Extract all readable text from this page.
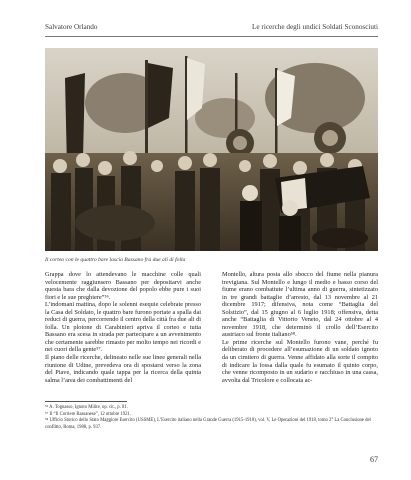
Salvatore Orlando	Le ricerche degli undici Soldati Sconosciuti
Il corteo con le quattro bare lascia Bassano fra due ali di folla

Grappa dove lo attendevano le macchine colle quali velocemente raggiunsero Bassano per depositarvi anche questa bara che dalla devozione del popolo ebbe pure i suoi fiori e le sue preghiere”⁵⁶.

L’indomani mattina, dopo le solenni esequie celebrate presso la Casa del Soldato, le quattro bare furono portate a spalla dai reduci di guerra, percorrendo il centro della città fra due ali di folla. Un plotone di Carabinieri apriva il corteo e tutta Bassano era scesa in strada per partecipare a un avvenimento che certamente sarebbe rimasto per molto tempo nei ricordi e nei cuori della gente⁵⁷.

Il piano delle ricerche, delineato nelle sue linee generali nella riunione di Udine, prevedeva ora di spostarsi verso la zona del Piave, indicando quale tappa per la ricerca della quinta salma l’area dei combattimenti del

Montello, altura posta allo sbocco del fiume nella pianura trevigiana. Sul Montello e lungo il medio e basso corso del fiume erano combattute l’ultima anno di guerra, sintetizzato in tre grandi battaglie d’arresto, dal 13 novembre al 21 dicembre 1917; difensiva, nota come “Battaglia del Solstizio”, dal 15 giugno al 6 luglio 1918; offensiva, detta anche “Battaglia di Vittorio Veneto, dal 24 ottobre al 4 novembre 1918, che determinò il crollo dell’Esercito austriaco sul fronte italiano⁵⁸.

Le prime ricerche sul Montello furono vane, perché fu deliberato di procedere all’esumazione di un soldato ignoto da un cimitero di guerra. Venne affidato alla sorte il compito di indicare la fossa dalla quale fu esumato il quinto corpo, che venne ricomposto in un sudario e racchiuso in una cassa, avvolta dal Tricolore e collocata ac-

⁵⁶ A. Tognasso, Ignoto Milite, op. cit., p. 81.
⁵⁷ Il “Il Corriere Bassanese”, 12 ottobre 1921.
⁵⁸ Ufficio Storico dello Stato Maggiore Esercito (USSME), L’Esercito italiano nella Grande Guerra (1915-1918), vol. V, Le Operazioni del 1918, tomo 2° La Conclusione del conflitto, Roma, 1988, p. 937.
67
